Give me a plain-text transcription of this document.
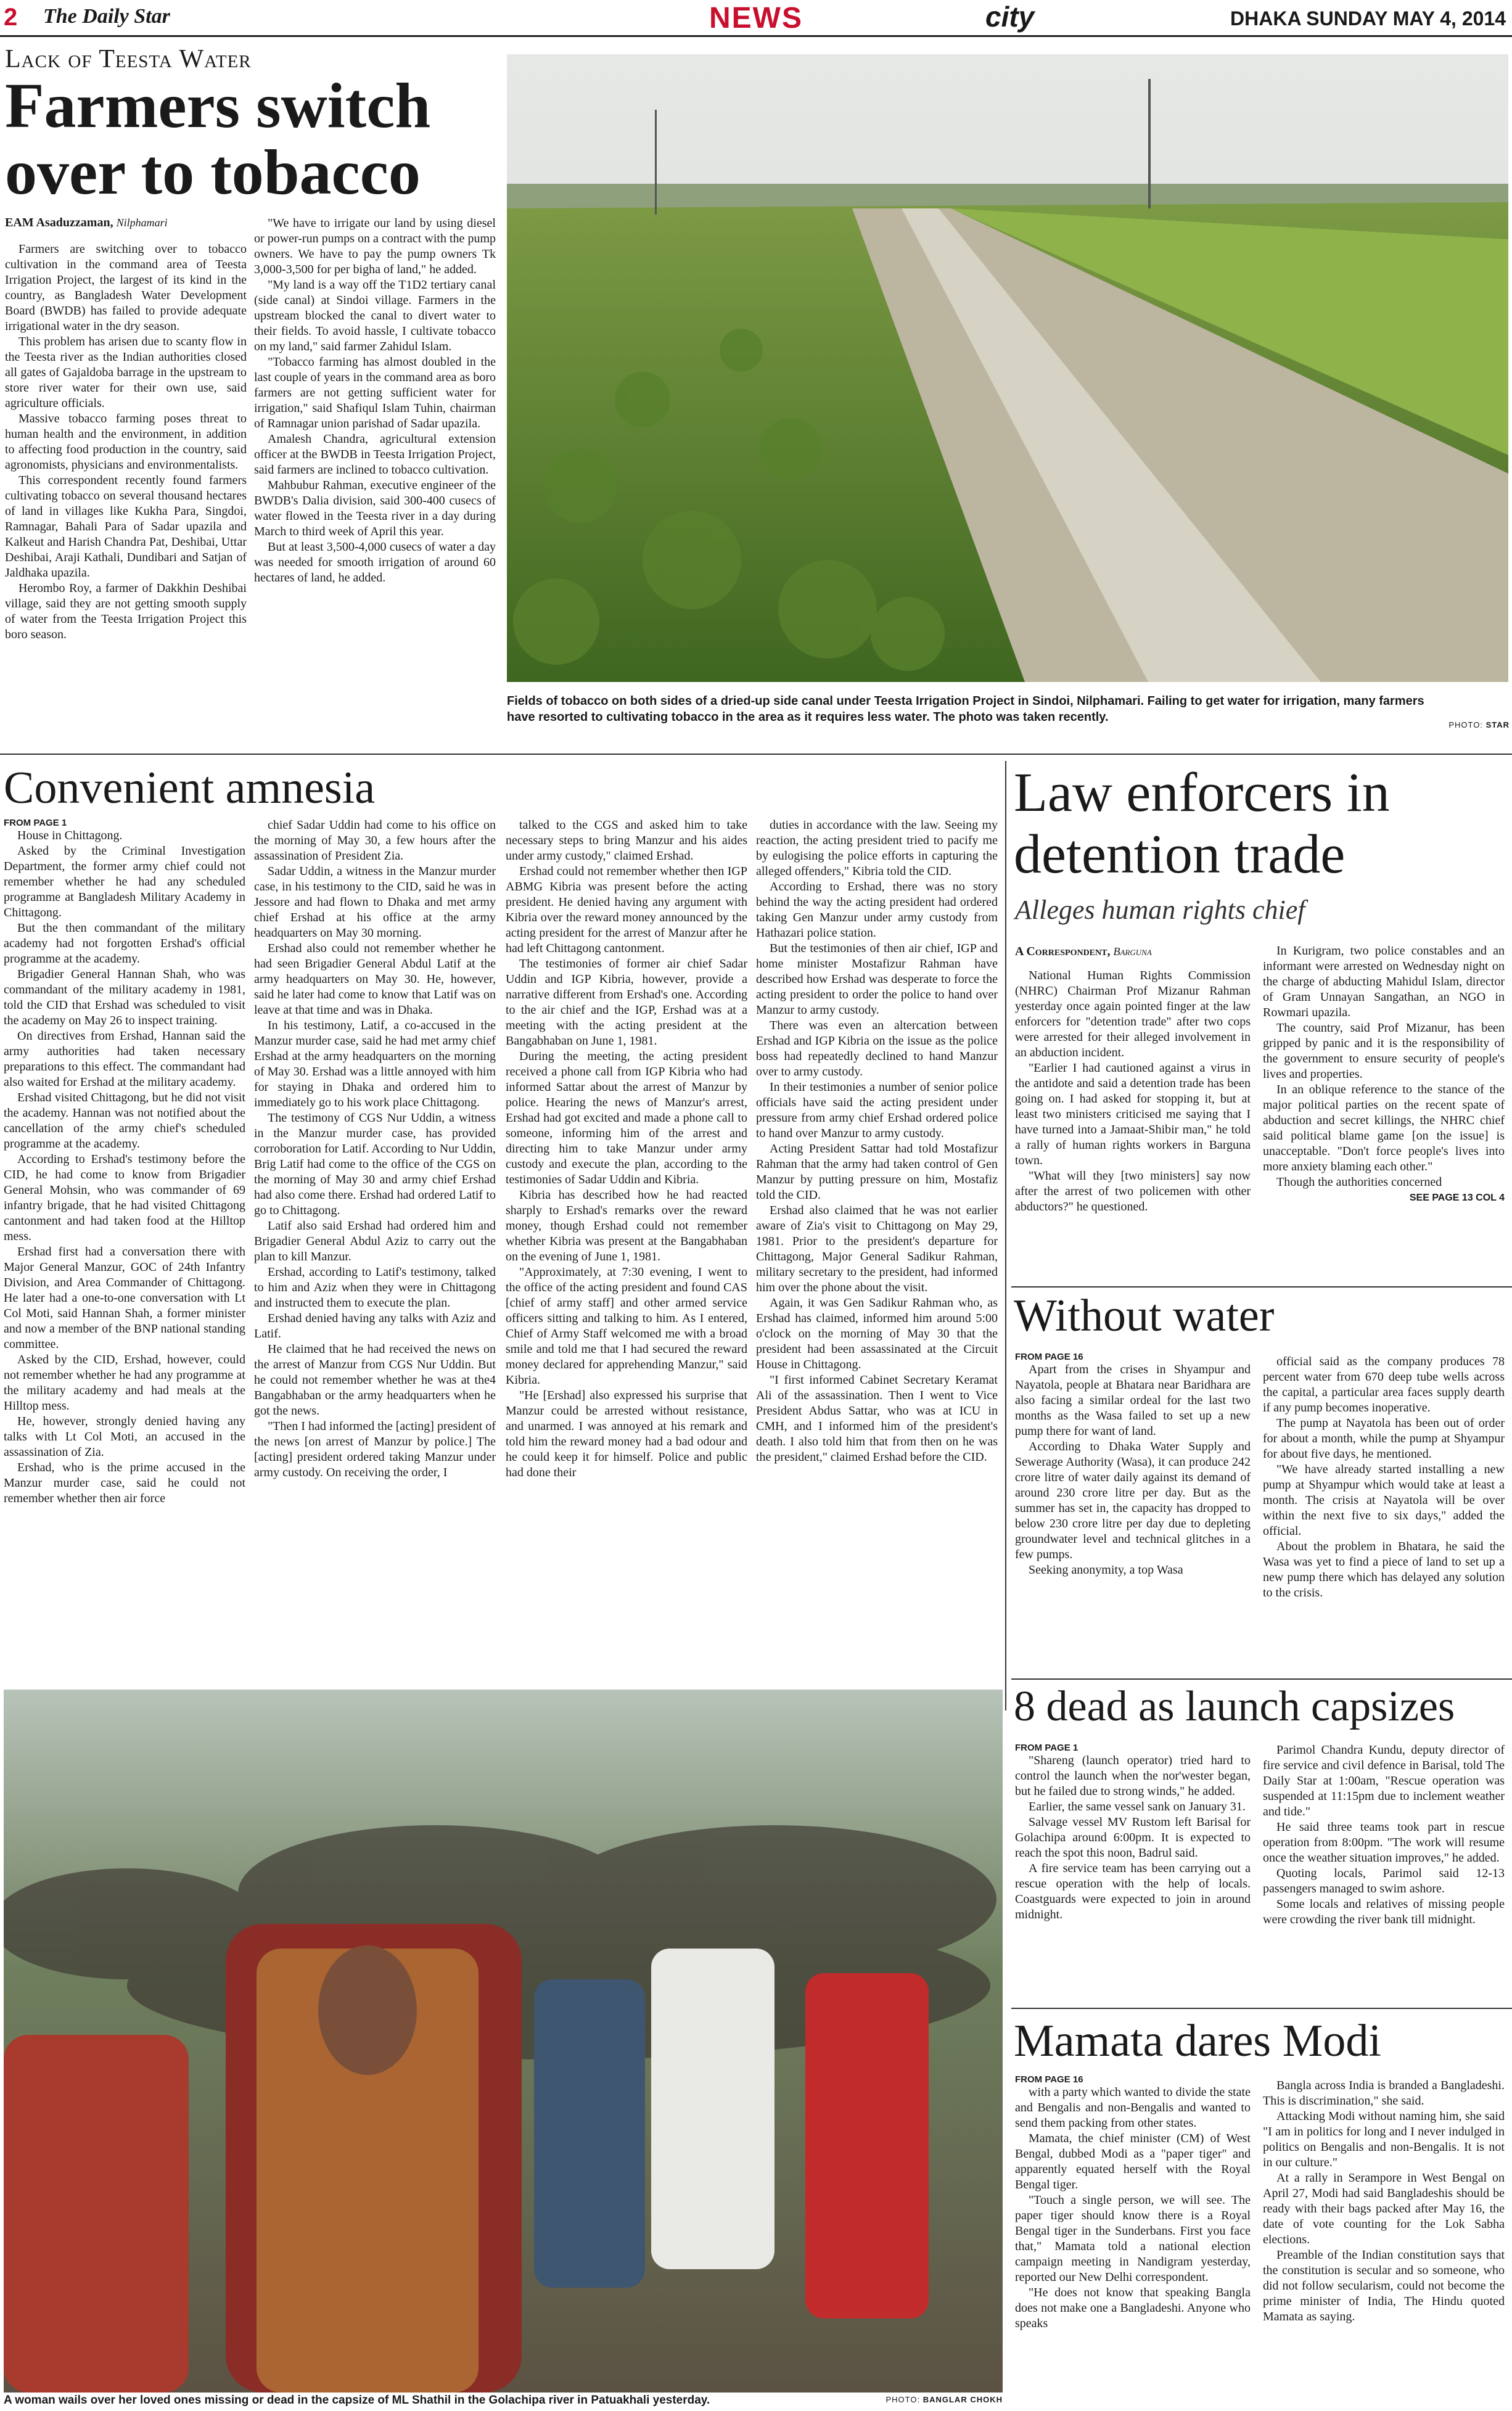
2 The Daily Star	NEWS	city	DHAKA SUNDAY MAY 4, 2014
Lack of Teesta Water
Farmers switch over to tobacco
EAM Asaduzzaman, Nilphamari

Farmers are switching over to tobacco cultivation in the command area of Teesta Irrigation Project, the largest of its kind in the country, as Bangladesh Water Development Board (BWDB) has failed to provide adequate irrigational water in the dry season.

This problem has arisen due to scanty flow in the Teesta river as the Indian authorities closed all gates of Gajaldoba barrage in the upstream to store river water for their own use, said agriculture officials.

Massive tobacco farming poses threat to human health and the environment, in addition to affecting food production in the country, said agronomists, physicians and environmentalists.

This correspondent recently found farmers cultivating tobacco on several thousand hectares of land in villages like Kukha Para, Singdoi, Ramnagar, Bahali Para of Sadar upazila and Kalkeut and Harish Chandra Pat, Deshibai, Uttar Deshibai, Araji Kathali, Dundibari and Satjan of Jaldhaka upazila.

Herombo Roy, a farmer of Dakkhin Deshibai village, said they are not getting smooth supply of water from the Teesta Irrigation Project this boro season.

"We have to irrigate our land by using diesel or power-run pumps on a contract with the pump owners. We have to pay the pump owners Tk 3,000-3,500 for per bigha of land," he added.

"My land is a way off the T1D2 tertiary canal (side canal) at Sindoi village. Farmers in the upstream blocked the canal to divert water to their fields. To avoid hassle, I cultivate tobacco on my land," said farmer Zahidul Islam.

"Tobacco farming has almost doubled in the last couple of years in the command area as boro farmers are not getting sufficient water for irrigation," said Shafiqul Islam Tuhin, chairman of Ramnagar union parishad of Sadar upazila.

Amalesh Chandra, agricultural extension officer at the BWDB in Teesta Irrigation Project, said farmers are inclined to tobacco cultivation.

Mahbubur Rahman, executive engineer of the BWDB's Dalia division, said 300-400 cusecs of water flowed in the Teesta river in a day during March to third week of April this year.

But at least 3,500-4,000 cusecs of water a day was needed for smooth irrigation of around 60 hectares of land, he added.

Fields of tobacco on both sides of a dried-up side canal under Teesta Irrigation Project in Sindoi, Nilphamari. Failing to get water for irrigation, many farmers have resorted to cultivating tobacco in the area as it requires less water. The photo was taken recently.
PHOTO: STAR
Convenient amnesia

FROM PAGE 1

House in Chittagong.

Asked by the Criminal Investigation Department, the former army chief could not remember whether he had any scheduled programme at Bangladesh Military Academy in Chittagong.

But the then commandant of the military academy had not forgotten Ershad's official programme at the academy.

Brigadier General Hannan Shah, who was commandant of the military academy in 1981, told the CID that Ershad was scheduled to visit the academy on May 26 to inspect training.

On directives from Ershad, Hannan said the army authorities had taken necessary preparations to this effect. The commandant had also waited for Ershad at the military academy.

Ershad visited Chittagong, but he did not visit the academy. Hannan was not notified about the cancellation of the army chief's scheduled programme at the academy.

According to Ershad's testimony before the CID, he had come to know from Brigadier General Mohsin, who was commander of 69 infantry brigade, that he had visited Chittagong cantonment and had taken food at the Hilltop mess.

Ershad first had a conversation there with Major General Manzur, GOC of 24th Infantry Division, and Area Commander of Chittagong. He later had a one-to-one conversation with Lt Col Moti, said Hannan Shah, a former minister and now a member of the BNP national standing committee.

Asked by the CID, Ershad, however, could not remember whether he had any programme at the military academy and had meals at the Hilltop mess.

He, however, strongly denied having any talks with Lt Col Moti, an accused in the assassination of Zia.

Ershad, who is the prime accused in the Manzur murder case, said he could not remember whether then air force

chief Sadar Uddin had come to his office on the morning of May 30, a few hours after the assassination of President Zia.

Sadar Uddin, a witness in the Manzur murder case, in his testimony to the CID, said he was in Jessore and had flown to Dhaka and met army chief Ershad at his office at the army headquarters on May 30 morning.

Ershad also could not remember whether he had seen Brigadier General Abdul Latif at the army headquarters on May 30. He, however, said he later had come to know that Latif was on leave at that time and was in Dhaka.

In his testimony, Latif, a co-accused in the Manzur murder case, said he had met army chief Ershad at the army headquarters on the morning of May 30. Ershad was a little annoyed with him for staying in Dhaka and ordered him to immediately go to his work place Chittagong.

The testimony of CGS Nur Uddin, a witness in the Manzur murder case, has provided corroboration for Latif. According to Nur Uddin, Brig Latif had come to the office of the CGS on the morning of May 30 and army chief Ershad had also come there. Ershad had ordered Latif to go to Chittagong.

Latif also said Ershad had ordered him and Brigadier General Abdul Aziz to carry out the plan to kill Manzur.

Ershad, according to Latif's testimony, talked to him and Aziz when they were in Chittagong and instructed them to execute the plan.

Ershad denied having any talks with Aziz and Latif.

He claimed that he had received the news on the arrest of Manzur from CGS Nur Uddin. But he could not remember whether he was at the4 Bangabhaban or the army headquarters when he got the news.

"Then I had informed the [acting] president of the news [on arrest of Manzur by police.] The [acting] president ordered taking Manzur under army custody. On receiving the order, I

talked to the CGS and asked him to take necessary steps to bring Manzur and his aides under army custody," claimed Ershad.

Ershad could not remember whether then IGP ABMG Kibria was present before the acting president. He denied having any argument with Kibria over the reward money announced by the acting president for the arrest of Manzur after he had left Chittagong cantonment.

The testimonies of former air chief Sadar Uddin and IGP Kibria, however, provide a narrative different from Ershad's one. According to the air chief and the IGP, Ershad was at a meeting with the acting president at the Bangabhaban on June 1, 1981.

During the meeting, the acting president received a phone call from IGP Kibria who had informed Sattar about the arrest of Manzur by police. Hearing the news of Manzur's arrest, Ershad had got excited and made a phone call to someone, informing him of the arrest and directing him to take Manzur under army custody and execute the plan, according to the testimonies of Sadar Uddin and Kibria.

Kibria has described how he had reacted sharply to Ershad's remarks over the reward money, though Ershad could not remember whether Kibria was present at the Bangabhaban on the evening of June 1, 1981.

"Approximately, at 7:30 evening, I went to the office of the acting president and found CAS [chief of army staff] and other armed service officers sitting and talking to him. As I entered, Chief of Army Staff welcomed me with a broad smile and told me that I had secured the reward money declared for apprehending Manzur," said Kibria.

"He [Ershad] also expressed his surprise that Manzur could be arrested without resistance, and unarmed. I was annoyed at his remark and told him the reward money had a bad odour and he could keep it for himself. Police and public had done their

duties in accordance with the law. Seeing my reaction, the acting president tried to pacify me by eulogising the police efforts in capturing the alleged offenders," Kibria told the CID.

According to Ershad, there was no story behind the way the acting president had ordered taking Gen Manzur under army custody from Hathazari police station.

But the testimonies of then air chief, IGP and home minister Mostafizur Rahman have described how Ershad was desperate to force the acting president to order the police to hand over Manzur to army custody.

There was even an altercation between Ershad and IGP Kibria on the issue as the police boss had repeatedly declined to hand Manzur over to army custody.

In their testimonies a number of senior police officials have said the acting president under pressure from army chief Ershad ordered police to hand over Manzur to army custody.

Acting President Sattar had told Mostafizur Rahman that the army had taken control of Gen Manzur by putting pressure on him, Mostafiz told the CID.

Ershad also claimed that he was not earlier aware of Zia's visit to Chittagong on May 29, 1981. Prior to the president's departure for Chittagong, Major General Sadikur Rahman, military secretary to the president, had informed him over the phone about the visit.

Again, it was Gen Sadikur Rahman who, as Ershad has claimed, informed him around 5:00 o'clock on the morning of May 30 that the president had been assassinated at the Circuit House in Chittagong.

"I first informed Cabinet Secretary Keramat Ali of the assassination. Then I went to Vice President Abdus Sattar, who was at ICU in CMH, and I informed him of the president's death. I also told him that from then on he was the president," claimed Ershad before the CID.

Law enforcers in detention trade
Alleges human rights chief
A Correspondent, Barguna

National Human Rights Commission (NHRC) Chairman Prof Mizanur Rahman yesterday once again pointed finger at the law enforcers for "detention trade" after two cops were arrested for their alleged involvement in an abduction incident.

"Earlier I had cautioned against a virus in the antidote and said a detention trade has been going on. I had asked for stopping it, but at least two ministers criticised me saying that I have turned into a Jamaat-Shibir man," he told a rally of human rights workers in Barguna town.

"What will they [two ministers] say now after the arrest of two policemen with other abductors?" he questioned.

In Kurigram, two police constables and an informant were arrested on Wednesday night on the charge of abducting Mahidul Islam, director of Gram Unnayan Sangathan, an NGO in Rowmari upazila.

The country, said Prof Mizanur, has been gripped by panic and it is the responsibility of the government to ensure security of people's lives and properties.

In an oblique reference to the stance of the major political parties on the recent spate of abduction and secret killings, the NHRC chief said political blame game [on the issue] is unacceptable. "Don't force people's lives into more anxiety blaming each other."

Though the authorities concerned

SEE PAGE 13 COL 4
Without water

FROM PAGE 16

Apart from the crises in Shyampur and Nayatola, people at Bhatara near Baridhara are also facing a similar ordeal for the last two months as the Wasa failed to set up a new pump there for want of land.

According to Dhaka Water Supply and Sewerage Authority (Wasa), it can produce 242 crore litre of water daily against its demand of around 230 crore litre per day. But as the summer has set in, the capacity has dropped to below 230 crore litre per day due to depleting groundwater level and technical glitches in a few pumps.

Seeking anonymity, a top Wasa

official said as the company produces 78 percent water from 670 deep tube wells across the capital, a particular area faces supply dearth if any pump becomes inoperative.

The pump at Nayatola has been out of order for about a month, while the pump at Shyampur for about five days, he mentioned.

"We have already started installing a new pump at Shyampur which would take at least a month. The crisis at Nayatola will be over within the next five to six days," added the official.

About the problem in Bhatara, he said the Wasa was yet to find a piece of land to set up a new pump there which has delayed any solution to the crisis.

A woman wails over her loved ones missing or dead in the capsize of ML Shathil in the Golachipa river in Patuakhali yesterday.	PHOTO: BANGLAR CHOKH
8 dead as launch capsizes

FROM PAGE 1

"Shareng (launch operator) tried hard to control the launch when the nor'wester began, but he failed due to strong winds," he added.

Earlier, the same vessel sank on January 31.

Salvage vessel MV Rustom left Barisal for Golachipa around 6:00pm. It is expected to reach the spot this noon, Badrul said.

A fire service team has been carrying out a rescue operation with the help of locals. Coastguards were expected to join in around midnight.

Parimol Chandra Kundu, deputy director of fire service and civil defence in Barisal, told The Daily Star at 1:00am, "Rescue operation was suspended at 11:15pm due to inclement weather and tide."

He said three teams took part in rescue operation from 8:00pm. "The work will resume once the weather situation improves," he added.

Quoting locals, Parimol said 12-13 passengers managed to swim ashore.

Some locals and relatives of missing people were crowding the river bank till midnight.

Mamata dares Modi

FROM PAGE 16

with a party which wanted to divide the state and Bengalis and non-Bengalis and wanted to send them packing from other states.

Mamata, the chief minister (CM) of West Bengal, dubbed Modi as a "paper tiger" and apparently equated herself with the Royal Bengal tiger.

"Touch a single person, we will see. The paper tiger should know there is a Royal Bengal tiger in the Sunderbans. First you face that," Mamata told a national election campaign meeting in Nandigram yesterday, reported our New Delhi correspondent.

"He does not know that speaking Bangla does not make one a Bangladeshi. Anyone who speaks

Bangla across India is branded a Bangladeshi. This is discrimination," she said.

Attacking Modi without naming him, she said "I am in politics for long and I never indulged in politics on Bengalis and non-Bengalis. It is not in our culture."

At a rally in Serampore in West Bengal on April 27, Modi had said Bangladeshis should be ready with their bags packed after May 16, the date of vote counting for the Lok Sabha elections.

Preamble of the Indian constitution says that the constitution is secular and so someone, who did not follow secularism, could not become the prime minister of India, The Hindu quoted Mamata as saying.
